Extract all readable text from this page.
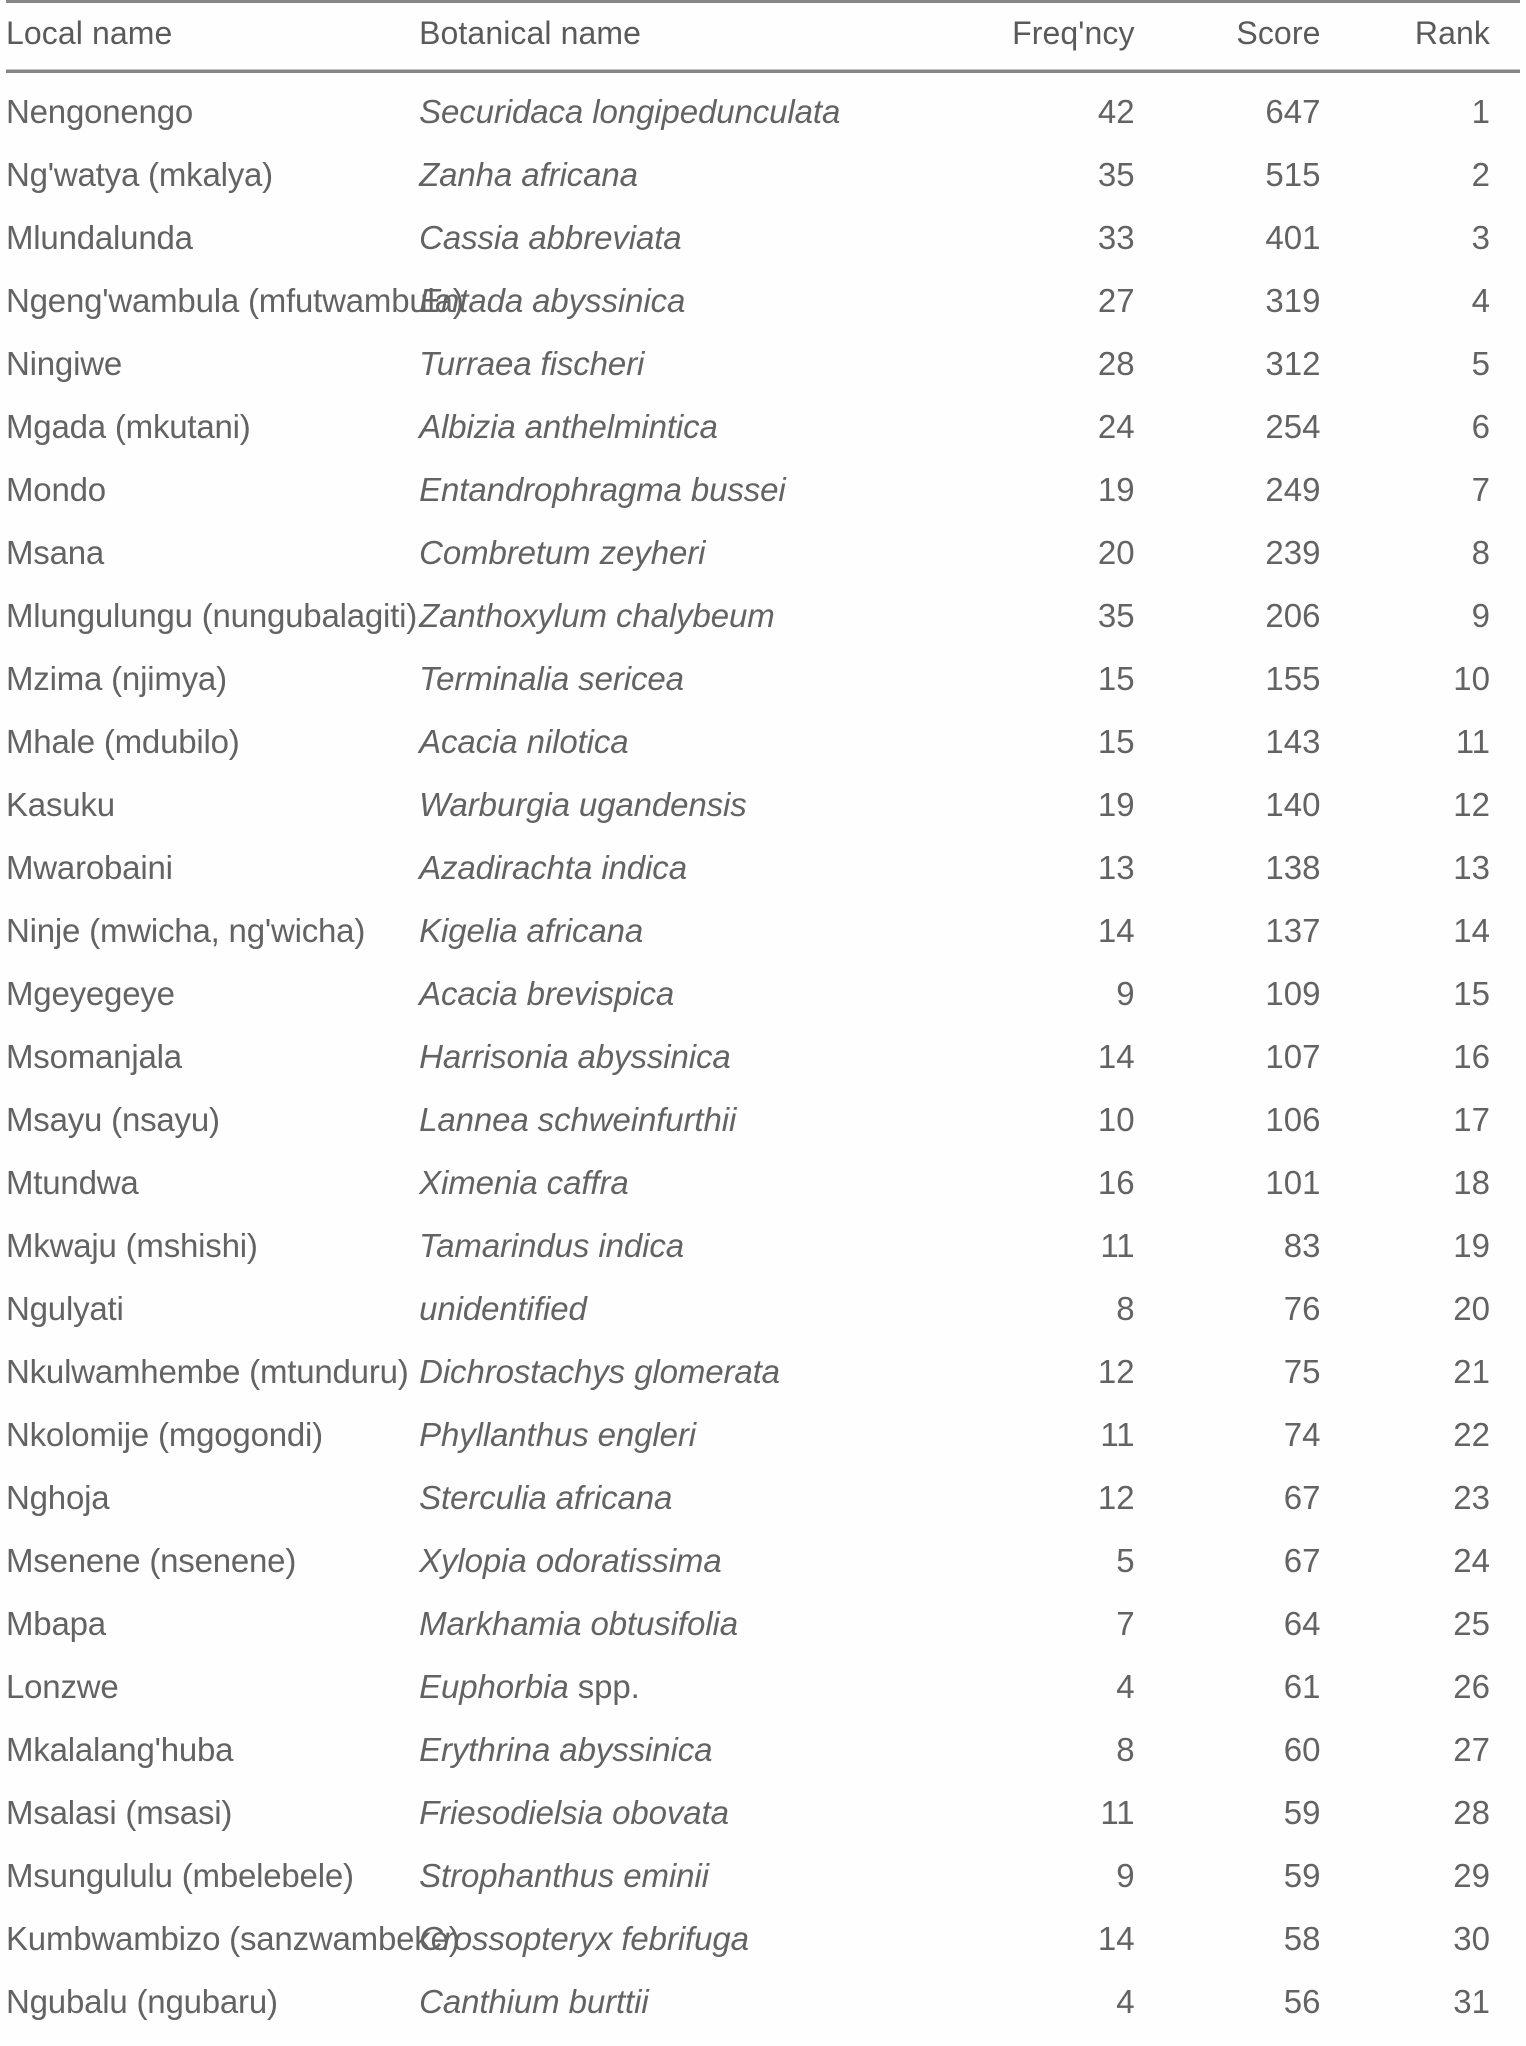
Local name	Botanical name	Freq'ncy	Score	Rank

Nengonengo	Securidaca longipedunculata	42	647	1
Ng'watya (mkalya)	Zanha africana	35	515	2
Mlundalunda	Cassia abbreviata	33	401	3
Ngeng'wambula (mfutwambula)	Entada abyssinica	27	319	4
Ningiwe	Turraea fischeri	28	312	5
Mgada (mkutani)	Albizia anthelmintica	24	254	6
Mondo	Entandrophragma bussei	19	249	7
Msana	Combretum zeyheri	20	239	8
Mlungulungu (nungubalagiti)	Zanthoxylum chalybeum	35	206	9
Mzima (njimya)	Terminalia sericea	15	155	10
Mhale (mdubilo)	Acacia nilotica	15	143	11
Kasuku	Warburgia ugandensis	19	140	12
Mwarobaini	Azadirachta indica	13	138	13
Ninje (mwicha, ng'wicha)	Kigelia africana	14	137	14
Mgeyegeye	Acacia brevispica	9	109	15
Msomanjala	Harrisonia abyssinica	14	107	16
Msayu (nsayu)	Lannea schweinfurthii	10	106	17
Mtundwa	Ximenia caffra	16	101	18
Mkwaju (mshishi)	Tamarindus indica	11	83	19
Ngulyati	unidentified	8	76	20
Nkulwamhembe (mtunduru)	Dichrostachys glomerata	12	75	21
Nkolomije (mgogondi)	Phyllanthus engleri	11	74	22
Nghoja	Sterculia africana	12	67	23
Msenene (nsenene)	Xylopia odoratissima	5	67	24
Mbapa	Markhamia obtusifolia	7	64	25
Lonzwe	Euphorbia spp.	4	61	26
Mkalalang'huba	Erythrina abyssinica	8	60	27
Msalasi (msasi)	Friesodielsia obovata	11	59	28
Msungululu (mbelebele)	Strophanthus eminii	9	59	29
Kumbwambizo (sanzwambeke)	Crossopteryx febrifuga	14	58	30
Ngubalu (ngubaru)	Canthium burttii	4	56	31
